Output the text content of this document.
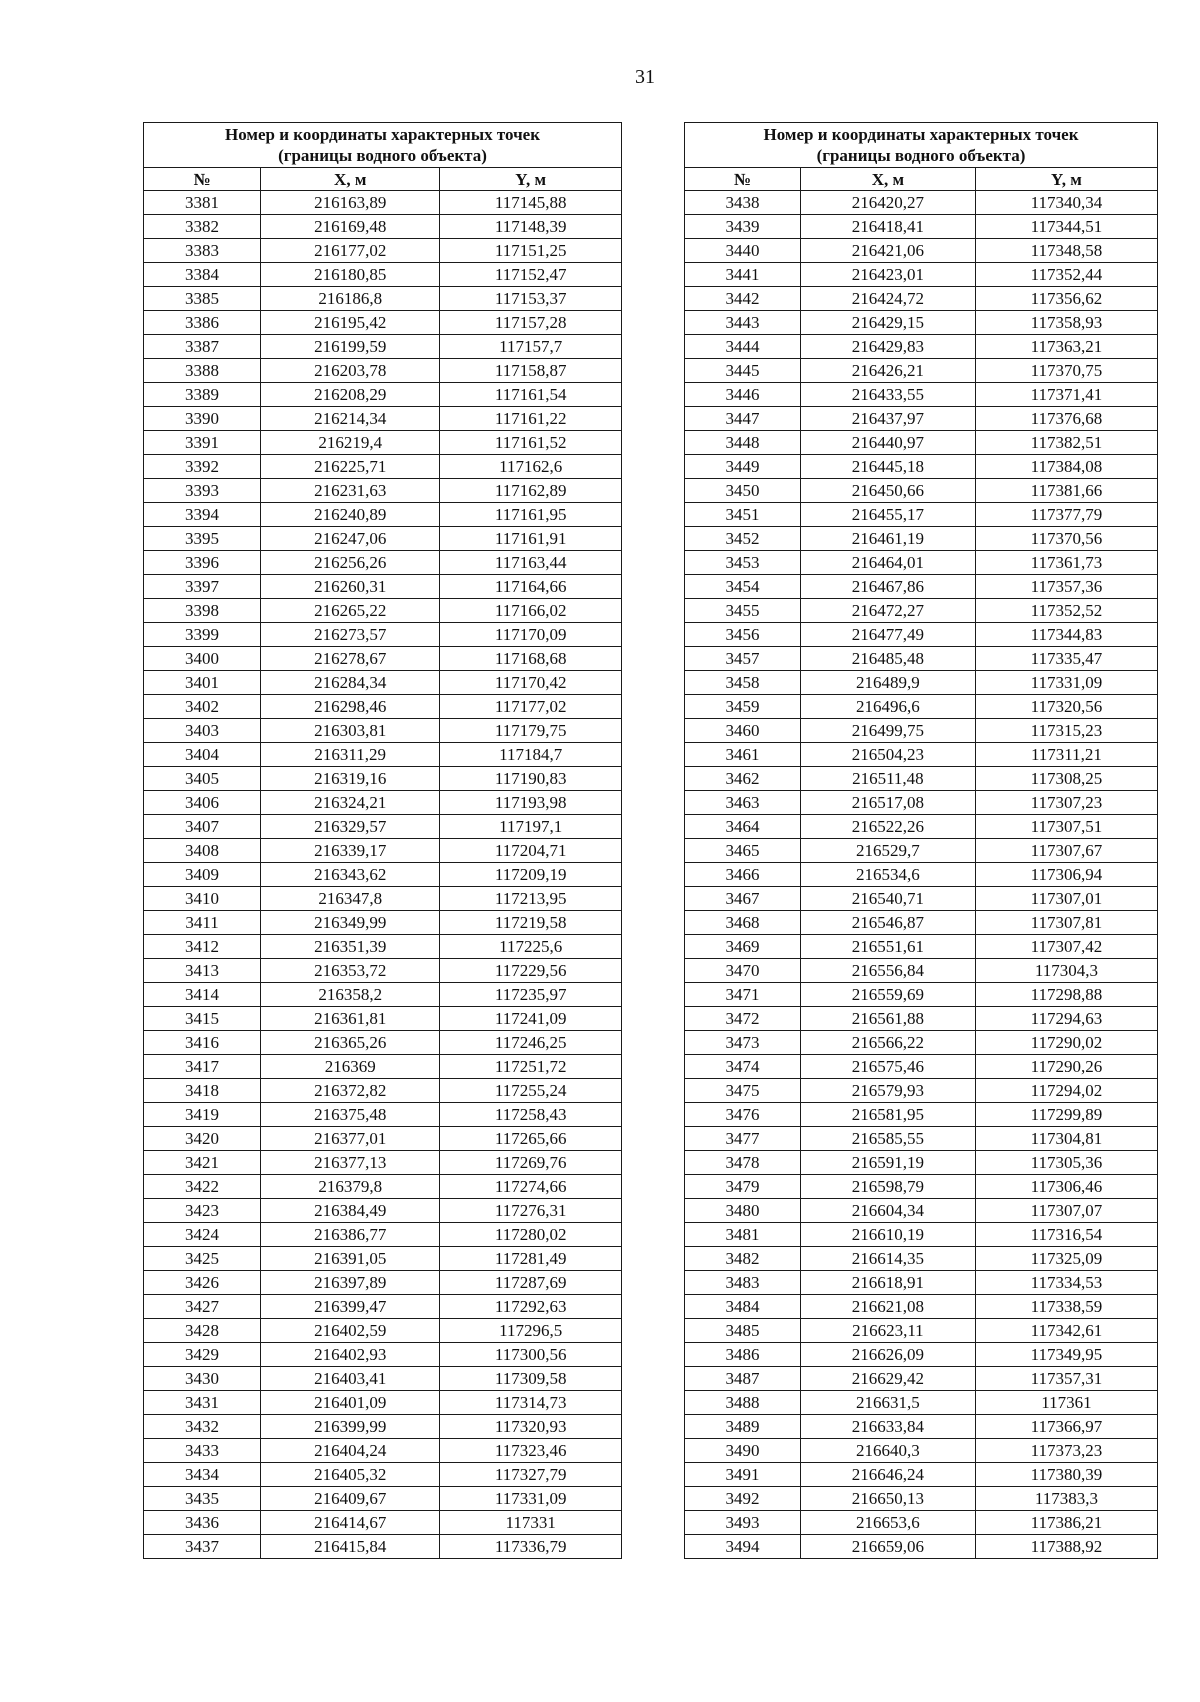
31
Номер и координаты характерных точек
(границы водного объекта)		

№	X, м	Y, м
3381	216163,89	117145,88
3382	216169,48	117148,39
3383	216177,02	117151,25
3384	216180,85	117152,47
3385	216186,8	117153,37
3386	216195,42	117157,28
3387	216199,59	117157,7
3388	216203,78	117158,87
3389	216208,29	117161,54
3390	216214,34	117161,22
3391	216219,4	117161,52
3392	216225,71	117162,6
3393	216231,63	117162,89
3394	216240,89	117161,95
3395	216247,06	117161,91
3396	216256,26	117163,44
3397	216260,31	117164,66
3398	216265,22	117166,02
3399	216273,57	117170,09
3400	216278,67	117168,68
3401	216284,34	117170,42
3402	216298,46	117177,02
3403	216303,81	117179,75
3404	216311,29	117184,7
3405	216319,16	117190,83
3406	216324,21	117193,98
3407	216329,57	117197,1
3408	216339,17	117204,71
3409	216343,62	117209,19
3410	216347,8	117213,95
3411	216349,99	117219,58
3412	216351,39	117225,6
3413	216353,72	117229,56
3414	216358,2	117235,97
3415	216361,81	117241,09
3416	216365,26	117246,25
3417	216369	117251,72
3418	216372,82	117255,24
3419	216375,48	117258,43
3420	216377,01	117265,66
3421	216377,13	117269,76
3422	216379,8	117274,66
3423	216384,49	117276,31
3424	216386,77	117280,02
3425	216391,05	117281,49
3426	216397,89	117287,69
3427	216399,47	117292,63
3428	216402,59	117296,5
3429	216402,93	117300,56
3430	216403,41	117309,58
3431	216401,09	117314,73
3432	216399,99	117320,93
3433	216404,24	117323,46
3434	216405,32	117327,79
3435	216409,67	117331,09
3436	216414,67	117331
3437	216415,84	117336,79
Номер и координаты характерных точек
(границы водного объекта)		

№	X, м	Y, м
3438	216420,27	117340,34
3439	216418,41	117344,51
3440	216421,06	117348,58
3441	216423,01	117352,44
3442	216424,72	117356,62
3443	216429,15	117358,93
3444	216429,83	117363,21
3445	216426,21	117370,75
3446	216433,55	117371,41
3447	216437,97	117376,68
3448	216440,97	117382,51
3449	216445,18	117384,08
3450	216450,66	117381,66
3451	216455,17	117377,79
3452	216461,19	117370,56
3453	216464,01	117361,73
3454	216467,86	117357,36
3455	216472,27	117352,52
3456	216477,49	117344,83
3457	216485,48	117335,47
3458	216489,9	117331,09
3459	216496,6	117320,56
3460	216499,75	117315,23
3461	216504,23	117311,21
3462	216511,48	117308,25
3463	216517,08	117307,23
3464	216522,26	117307,51
3465	216529,7	117307,67
3466	216534,6	117306,94
3467	216540,71	117307,01
3468	216546,87	117307,81
3469	216551,61	117307,42
3470	216556,84	117304,3
3471	216559,69	117298,88
3472	216561,88	117294,63
3473	216566,22	117290,02
3474	216575,46	117290,26
3475	216579,93	117294,02
3476	216581,95	117299,89
3477	216585,55	117304,81
3478	216591,19	117305,36
3479	216598,79	117306,46
3480	216604,34	117307,07
3481	216610,19	117316,54
3482	216614,35	117325,09
3483	216618,91	117334,53
3484	216621,08	117338,59
3485	216623,11	117342,61
3486	216626,09	117349,95
3487	216629,42	117357,31
3488	216631,5	117361
3489	216633,84	117366,97
3490	216640,3	117373,23
3491	216646,24	117380,39
3492	216650,13	117383,3
3493	216653,6	117386,21
3494	216659,06	117388,92
